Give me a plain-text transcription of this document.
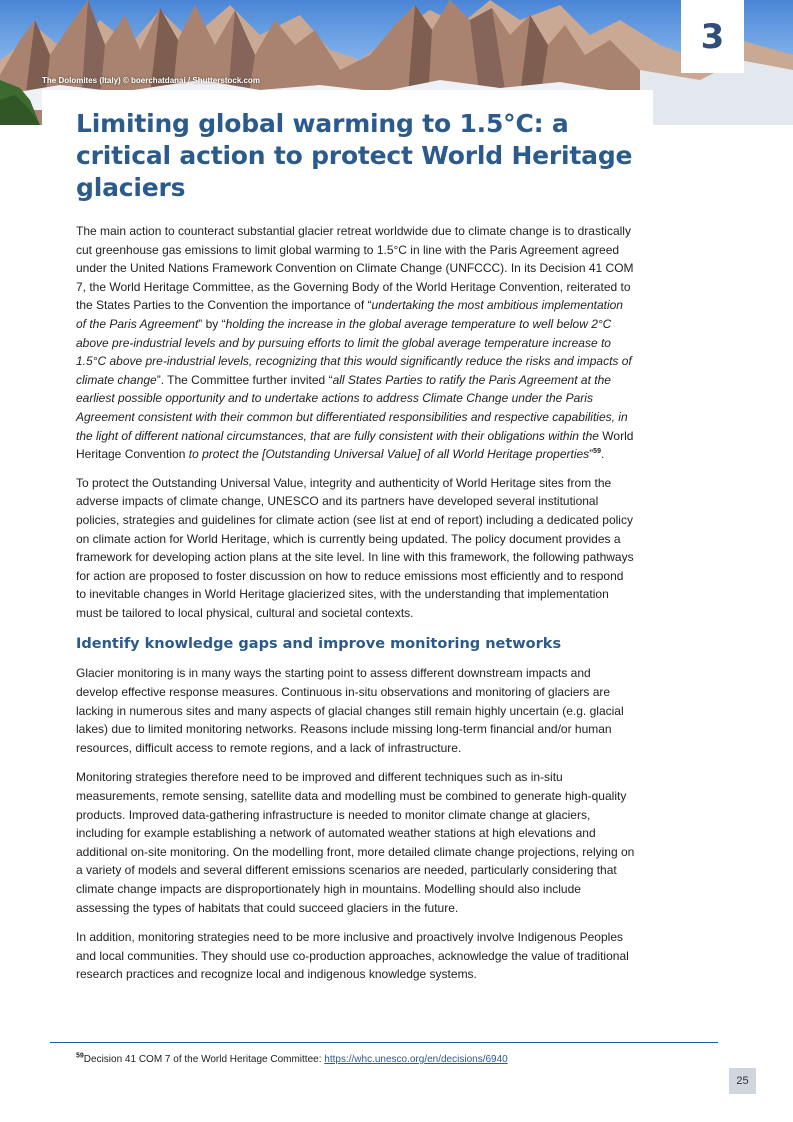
The Dolomites (Italy) © boerchatdanai / Shutterstock.com
3
Limiting global warming to 1.5°C: a critical action to protect World Heritage glaciers

The main action to counteract substantial glacier retreat worldwide due to climate change is to drastically cut greenhouse gas emissions to limit global warming to 1.5°C in line with the Paris Agreement agreed under the United Nations Framework Convention on Climate Change (UNFCCC). In its Decision 41 COM 7, the World Heritage Committee, as the Governing Body of the World Heritage Convention, reiterated to the States Parties to the Convention the importance of “undertaking the most ambitious implementation of the Paris Agreement” by “holding the increase in the global average temperature to well below 2°C above pre-industrial levels and by pursuing efforts to limit the global average temperature increase to 1.5°C above pre-industrial levels, recognizing that this would significantly reduce the risks and impacts of climate change”. The Committee further invited “all States Parties to ratify the Paris Agreement at the earliest possible opportunity and to undertake actions to address Climate Change under the Paris Agreement consistent with their common but differentiated responsibilities and respective capabilities, in the light of different national circumstances, that are fully consistent with their obligations within the World Heritage Convention to protect the [Outstanding Universal Value] of all World Heritage properties”$^{59}$.

To protect the Outstanding Universal Value, integrity and authenticity of World Heritage sites from the adverse impacts of climate change, UNESCO and its partners have developed several institutional policies, strategies and guidelines for climate action (see list at end of report) including a dedicated policy on climate action for World Heritage, which is currently being updated. The policy document provides a framework for developing action plans at the site level. In line with this framework, the following pathways for action are proposed to foster discussion on how to reduce emissions most efficiently and to respond to inevitable changes in World Heritage glacierized sites, with the understanding that implementation must be tailored to local physical, cultural and societal contexts.

Identify knowledge gaps and improve monitoring networks

Glacier monitoring is in many ways the starting point to assess different downstream impacts and develop effective response measures. Continuous in-situ observations and monitoring of glaciers are lacking in numerous sites and many aspects of glacial changes still remain highly uncertain (e.g. glacial lakes) due to limited monitoring networks. Reasons include missing long-term financial and/or human resources, difficult access to remote regions, and a lack of infrastructure.

Monitoring strategies therefore need to be improved and different techniques such as in-situ measurements, remote sensing, satellite data and modelling must be combined to generate high-quality products. Improved data-gathering infrastructure is needed to monitor climate change at glaciers, including for example establishing a network of automated weather stations at high elevations and additional on-site monitoring. On the modelling front, more detailed climate change projections, relying on a variety of models and several different emissions scenarios are needed, particularly considering that climate change impacts are disproportionately high in mountains. Modelling should also include assessing the types of habitats that could succeed glaciers in the future.

In addition, monitoring strategies need to be more inclusive and proactively involve Indigenous Peoples and local communities. They should use co-production approaches, acknowledge the value of traditional research practices and recognize local and indigenous knowledge systems.

$^{59}$Decision 41 COM 7 of the World Heritage Committee: https://whc.unesco.org/en/decisions/6940
25
